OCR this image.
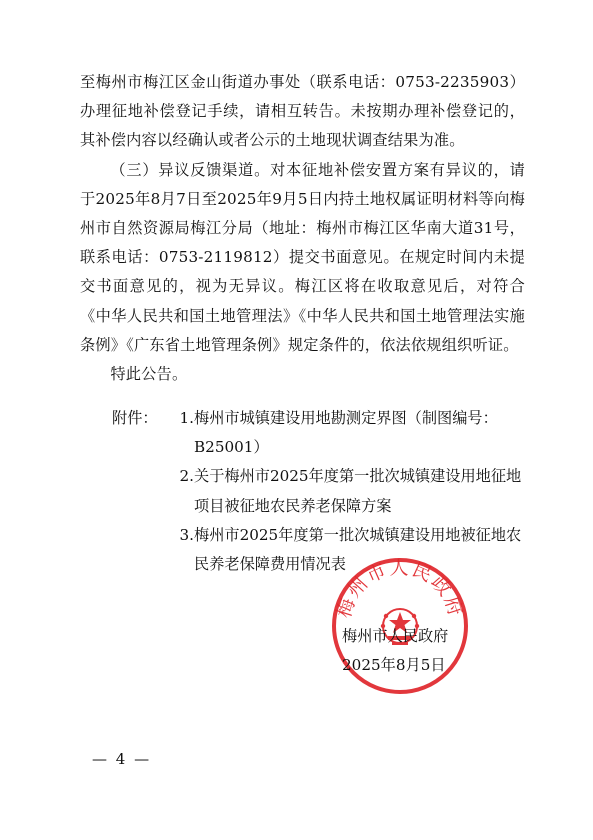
至梅州市梅江区金山街道办事处（联系电话：0753-2235903）办理征地补偿登记手续，请相互转告。未按期办理补偿登记的，其补偿内容以经确认或者公示的土地现状调查结果为准。

（三）异议反馈渠道。对本征地补偿安置方案有异议的，请于2025年8月7日至2025年9月5日内持土地权属证明材料等向梅州市自然资源局梅江分局（地址：梅州市梅江区华南大道31号，联系电话：0753-2119812）提交书面意见。在规定时间内未提交书面意见的，视为无异议。梅江区将在收取意见后，对符合《中华人民共和国土地管理法》《中华人民共和国土地管理法实施条例》《广东省土地管理条例》规定条件的，依法依规组织听证。

特此公告。

附件：	1. 梅州市城镇建设用地勘测定界图（制图编号：B25001）
2. 关于梅州市2025年度第一批次城镇建设用地征地项目被征地农民养老保障方案
3. 梅州市2025年度第一批次城镇建设用地被征地农民养老保障费用情况表
梅州市人民政府
梅州市人民政府
2025年8月5日
— 4 —
